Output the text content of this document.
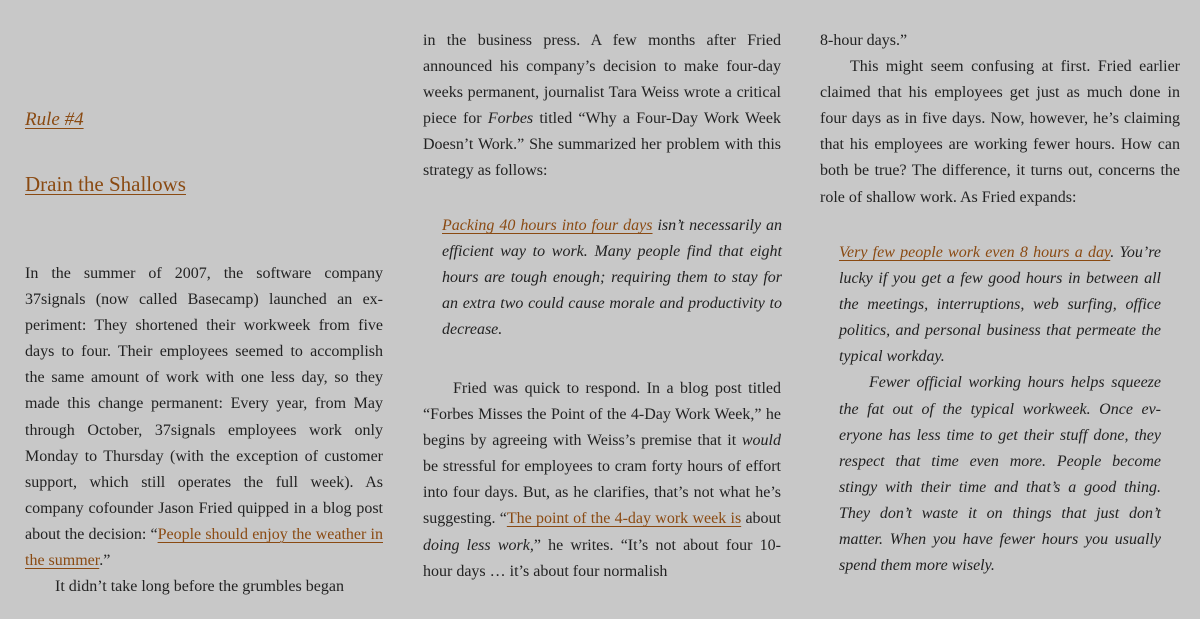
Rule #4
Drain the Shallows

In the summer of 2007, the software company 37signals (now called Basecamp) launched an experiment: They shortened their workweek from five days to four. Their employees seemed to accomplish the same amount of work with one less day, so they made this change permanent: Every year, from May through October, 37signals employees work only Monday to Thursday (with the exception of customer support, which still operates the full week). As company cofounder Jason Fried quipped in a blog post about the decision: “People should enjoy the weather in the summer.”

It didn’t take long before the grumbles began

in the business press. A few months after Fried announced his company’s decision to make four-day weeks permanent, journalist Tara Weiss wrote a critical piece for Forbes titled “Why a Four-Day Work Week Doesn’t Work.” She summarized her problem with this strategy as follows:

Packing 40 hours into four days isn’t necessarily an efficient way to work. Many people find that eight hours are tough enough; requiring them to stay for an extra two could cause morale and productivity to decrease.

Fried was quick to respond. In a blog post titled “Forbes Misses the Point of the 4-Day Work Week,” he begins by agreeing with Weiss’s premise that it would be stressful for employees to cram forty hours of effort into four days. But, as he clarifies, that’s not what he’s suggesting. “The point of the 4-day work week is about doing less work,” he writes. “It’s not about four 10-hour days … it’s about four normalish

8-hour days.”

This might seem confusing at first. Fried earlier claimed that his employees get just as much done in four days as in five days. Now, however, he’s claiming that his employees are working fewer hours. How can both be true? The difference, it turns out, concerns the role of shallow work. As Fried expands:

Very few people work even 8 hours a day. You’re lucky if you get a few good hours in between all the meetings, interruptions, web surfing, office politics, and personal business that permeate the typical workday.

Fewer official working hours helps squeeze the fat out of the typical workweek. Once everyone has less time to get their stuff done, they respect that time even more. People become stingy with their time and that’s a good thing. They don’t waste it on things that just don’t matter. When you have fewer hours you usually spend them more wisely.
